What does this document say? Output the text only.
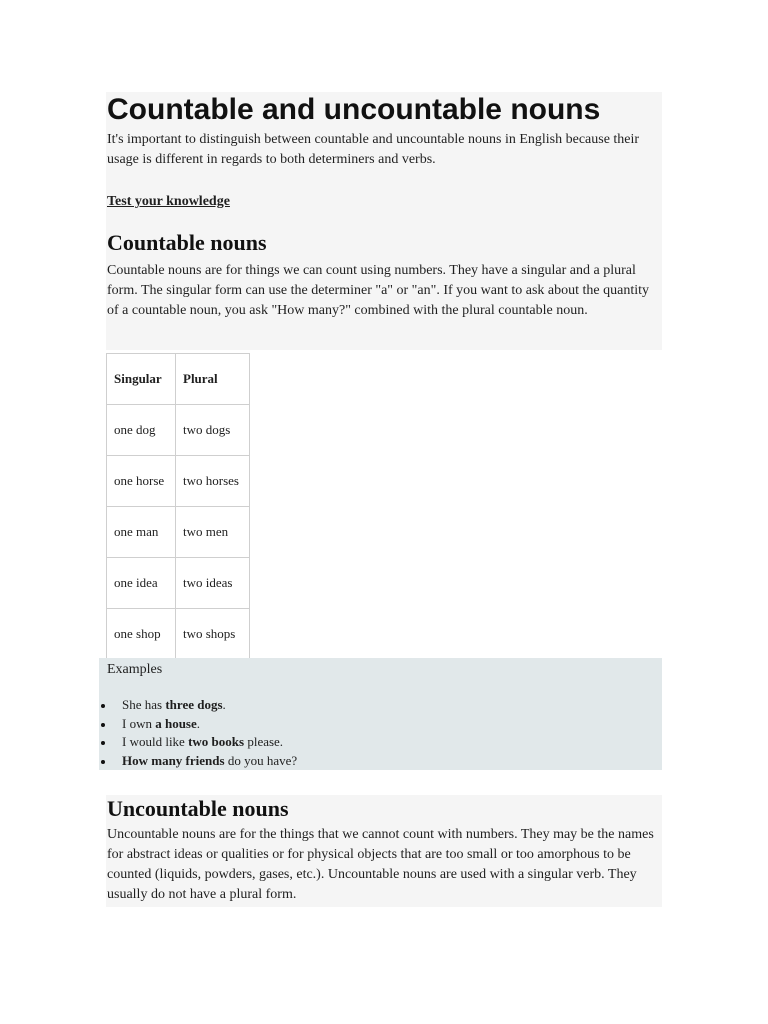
Countable and uncountable nouns

It's important to distinguish between countable and uncountable nouns in English because their usage is different in regards to both determiners and verbs.

Test your knowledge
Countable nouns

Countable nouns are for things we can count using numbers. They have a singular and a plural form. The singular form can use the determiner "a" or "an". If you want to ask about the quantity of a countable noun, you ask "How many?" combined with the plural countable noun.

Singular	Plural
one dog	two dogs
one horse	two horses
one man	two men
one idea	two ideas
one shop	two shops
Examples
She has three dogs.
I own a house.
I would like two books please.
How many friends do you have?
Uncountable nouns

Uncountable nouns are for the things that we cannot count with numbers. They may be the names for abstract ideas or qualities or for physical objects that are too small or too amorphous to be counted (liquids, powders, gases, etc.). Uncountable nouns are used with a singular verb. They usually do not have a plural form.
